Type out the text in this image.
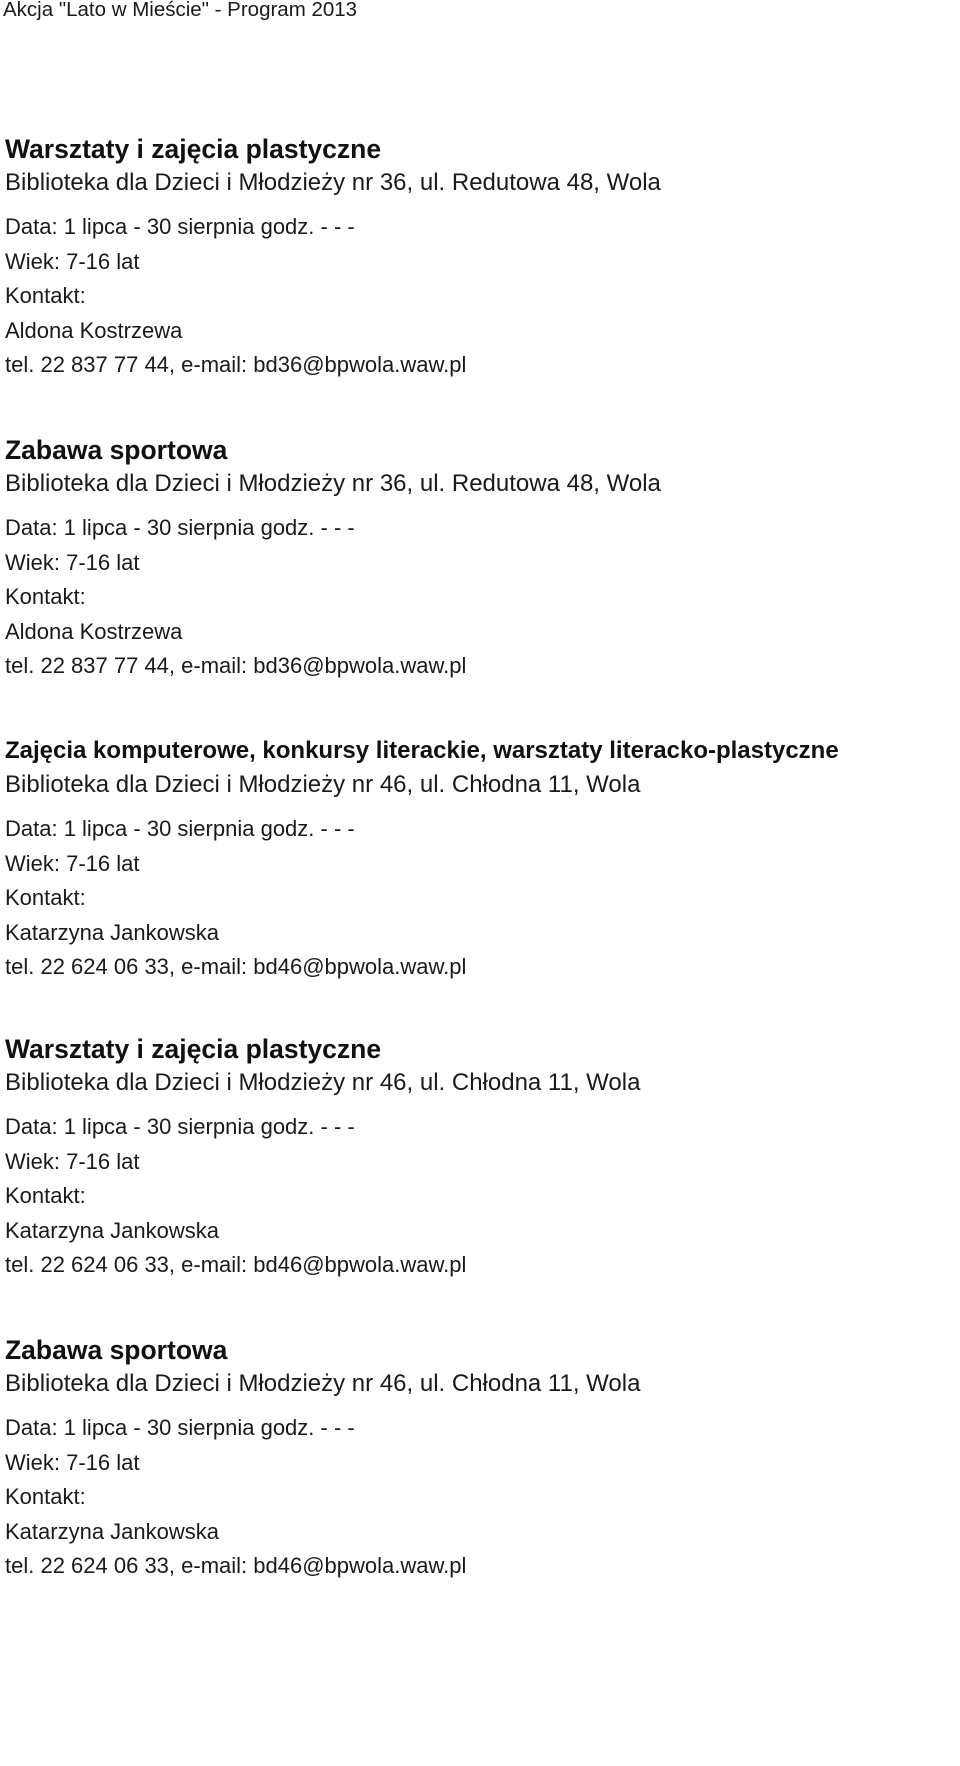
Akcja "Lato w Mieście" - Program 2013
Warsztaty i zajęcia plastyczne

Biblioteka dla Dzieci i Młodzieży nr 36, ul. Redutowa 48, Wola

Data: 1 lipca - 30 sierpnia godz. - - -

Wiek: 7-16 lat

Kontakt:

Aldona Kostrzewa

tel. 22 837 77 44, e-mail: bd36@bpwola.waw.pl

Zabawa sportowa

Biblioteka dla Dzieci i Młodzieży nr 36, ul. Redutowa 48, Wola

Data: 1 lipca - 30 sierpnia godz. - - -

Wiek: 7-16 lat

Kontakt:

Aldona Kostrzewa

tel. 22 837 77 44, e-mail: bd36@bpwola.waw.pl

Zajęcia komputerowe, konkursy literackie, warsztaty literacko-plastyczne

Biblioteka dla Dzieci i Młodzieży nr 46, ul. Chłodna 11, Wola

Data: 1 lipca - 30 sierpnia godz. - - -

Wiek: 7-16 lat

Kontakt:

Katarzyna Jankowska

tel. 22 624 06 33, e-mail: bd46@bpwola.waw.pl

Warsztaty i zajęcia plastyczne

Biblioteka dla Dzieci i Młodzieży nr 46, ul. Chłodna 11, Wola

Data: 1 lipca - 30 sierpnia godz. - - -

Wiek: 7-16 lat

Kontakt:

Katarzyna Jankowska

tel. 22 624 06 33, e-mail: bd46@bpwola.waw.pl

Zabawa sportowa

Biblioteka dla Dzieci i Młodzieży nr 46, ul. Chłodna 11, Wola

Data: 1 lipca - 30 sierpnia godz. - - -

Wiek: 7-16 lat

Kontakt:

Katarzyna Jankowska

tel. 22 624 06 33, e-mail: bd46@bpwola.waw.pl
